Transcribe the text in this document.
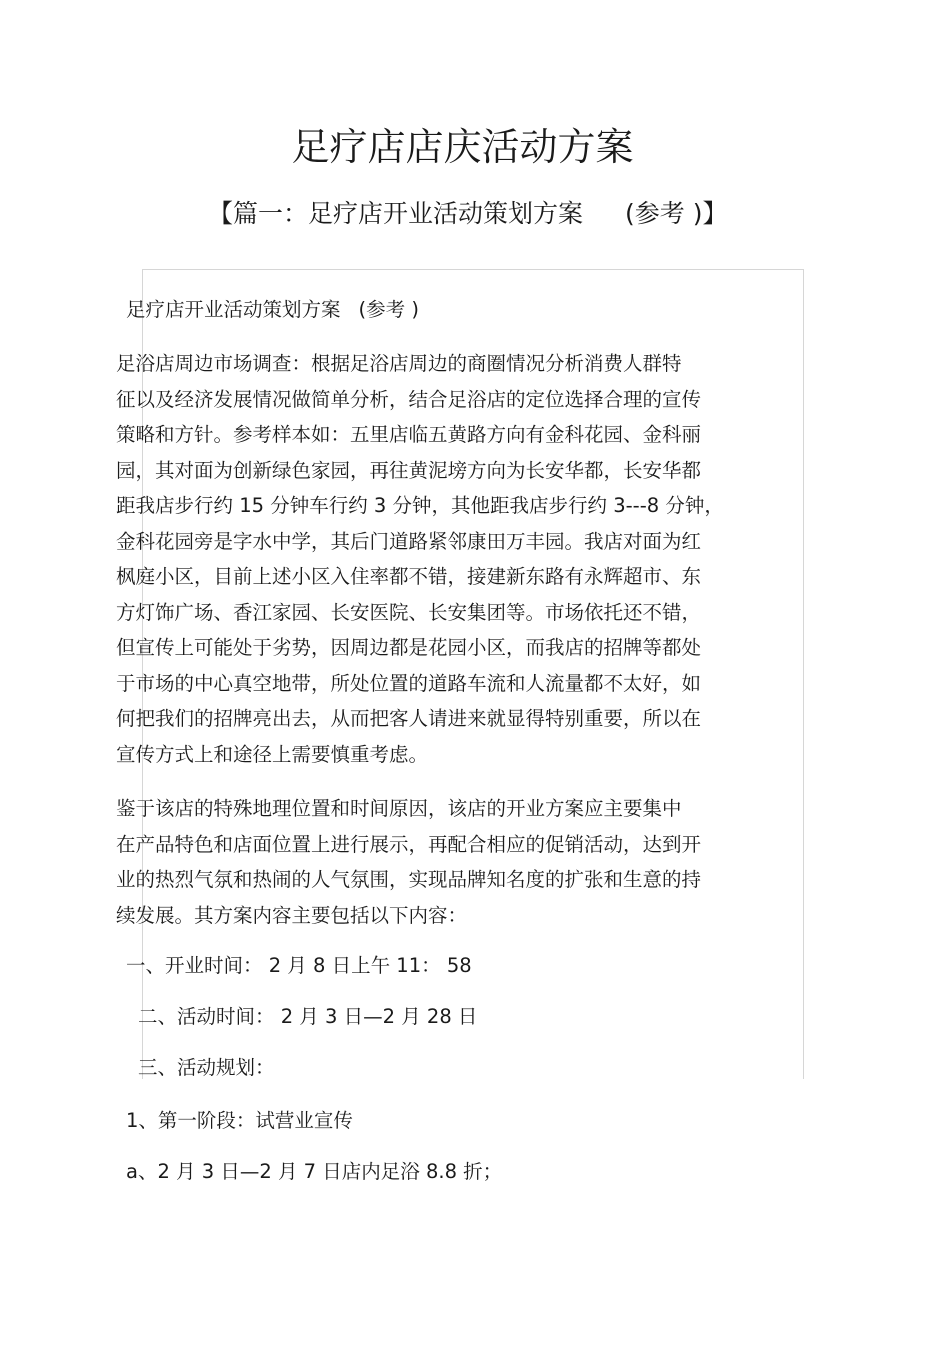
足疗店店庆活动方案
【篇一：足疗店开业活动策划方案 (参考 )】
足疗店开业活动策划方案 (参考 )
足浴店周边市场调查：根据足浴店周边的商圈情况分析消费人群特
征以及经济发展情况做简单分析，结合足浴店的定位选择合理的宣传
策略和方针。参考样本如：五里店临五黄路方向有金科花园、金科丽
园，其对面为创新绿色家园，再往黄泥塝方向为长安华都，长安华都
距我店步行约 15 分钟车行约 3 分钟，其他距我店步行约 3---8 分钟，
金科花园旁是字水中学，其后门道路紧邻康田万丰园。我店对面为红
枫庭小区，目前上述小区入住率都不错，接建新东路有永辉超市、东
方灯饰广场、香江家园、长安医院、长安集团等。市场依托还不错，
但宣传上可能处于劣势，因周边都是花园小区，而我店的招牌等都处
于市场的中心真空地带，所处位置的道路车流和人流量都不太好，如
何把我们的招牌亮出去，从而把客人请进来就显得特别重要，所以在
宣传方式上和途径上需要慎重考虑。
鉴于该店的特殊地理位置和时间原因，该店的开业方案应主要集中
在产品特色和店面位置上进行展示，再配合相应的促销活动，达到开
业的热烈气氛和热闹的人气氛围，实现品牌知名度的扩张和生意的持
续发展。其方案内容主要包括以下内容：
一、开业时间： 2 月 8 日上午 11： 58
二、活动时间： 2 月 3 日—2 月 28 日
三、活动规划：
1、第一阶段：试营业宣传
a、2 月 3 日—2 月 7 日店内足浴 8.8 折；
